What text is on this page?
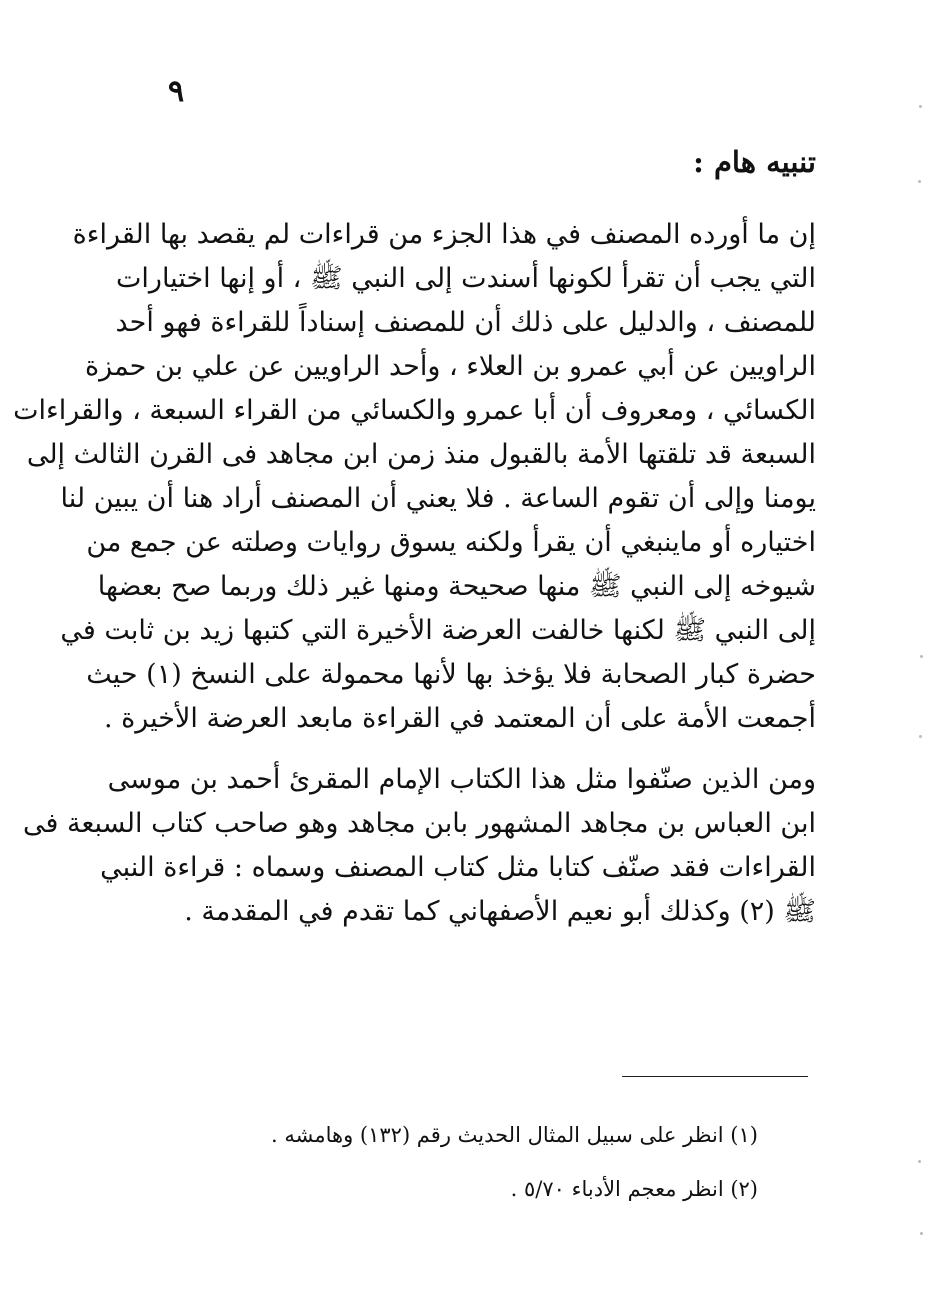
٩
تنبيه هام :
إن ما أورده المصنف في هذا الجزء من قراءات لم يقصد بها القراءة
التي يجب أن تقرأ لكونها أسندت إلى النبي ﷺ ، أو إنها اختيارات
للمصنف ، والدليل على ذلك أن للمصنف إسناداً للقراءة فهو أحد
الراويين عن أبي عمرو بن العلاء ، وأحد الراويين عن علي بن حمزة
الكسائي ، ومعروف أن أبا عمرو والكسائي من القراء السبعة ، والقراءات
السبعة قد تلقتها الأمة بالقبول منذ زمن ابن مجاهد فى القرن الثالث إلى
يومنا وإلى أن تقوم الساعة . فلا يعني أن المصنف أراد هنا أن يبين لنا
اختياره أو ماينبغي أن يقرأ ولكنه يسوق روايات وصلته عن جمع من
شيوخه إلى النبي ﷺ منها صحيحة ومنها غير ذلك وربما صح بعضها
إلى النبي ﷺ لكنها خالفت العرضة الأخيرة التي كتبها زيد بن ثابت في
حضرة كبار الصحابة فلا يؤخذ بها لأنها محمولة على النسخ (١) حيث
أجمعت الأمة على أن المعتمد في القراءة مابعد العرضة الأخيرة .
ومن الذين صنّفوا مثل هذا الكتاب الإمام المقرئ أحمد بن موسى
ابن العباس بن مجاهد المشهور بابن مجاهد وهو صاحب كتاب السبعة فى
القراءات فقد صنّف كتابا مثل كتاب المصنف وسماه : قراءة النبي
ﷺ (٢) وكذلك أبو نعيم الأصفهاني كما تقدم في المقدمة .
(١) انظر على سبيل المثال الحديث رقم (١٣٢) وهامشه .
(٢) انظر معجم الأدباء ٥/٧٠ .
